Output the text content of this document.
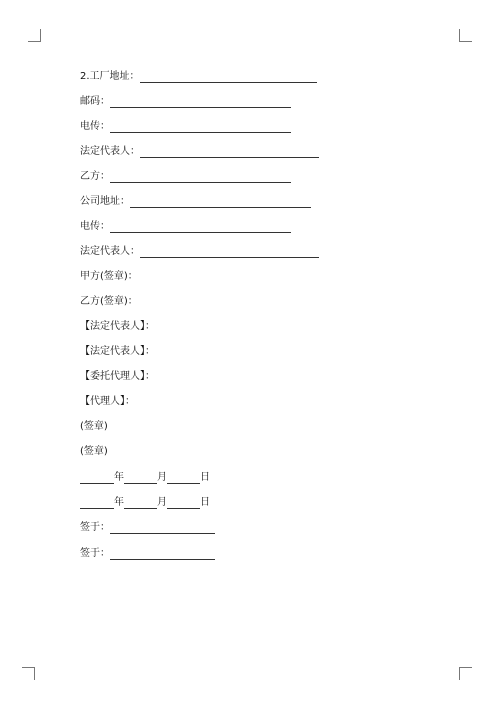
2.工厂地址：
邮码：
电传：
法定代表人：
乙方：
公司地址：
电传：
法定代表人：
甲方(签章)：
乙方(签章)：
【法定代表人】：
【法定代表人】：
【委托代理人】：
【代理人】：
(签章)
(签章)
年	月	日
年	月	日
签于：
签于：
